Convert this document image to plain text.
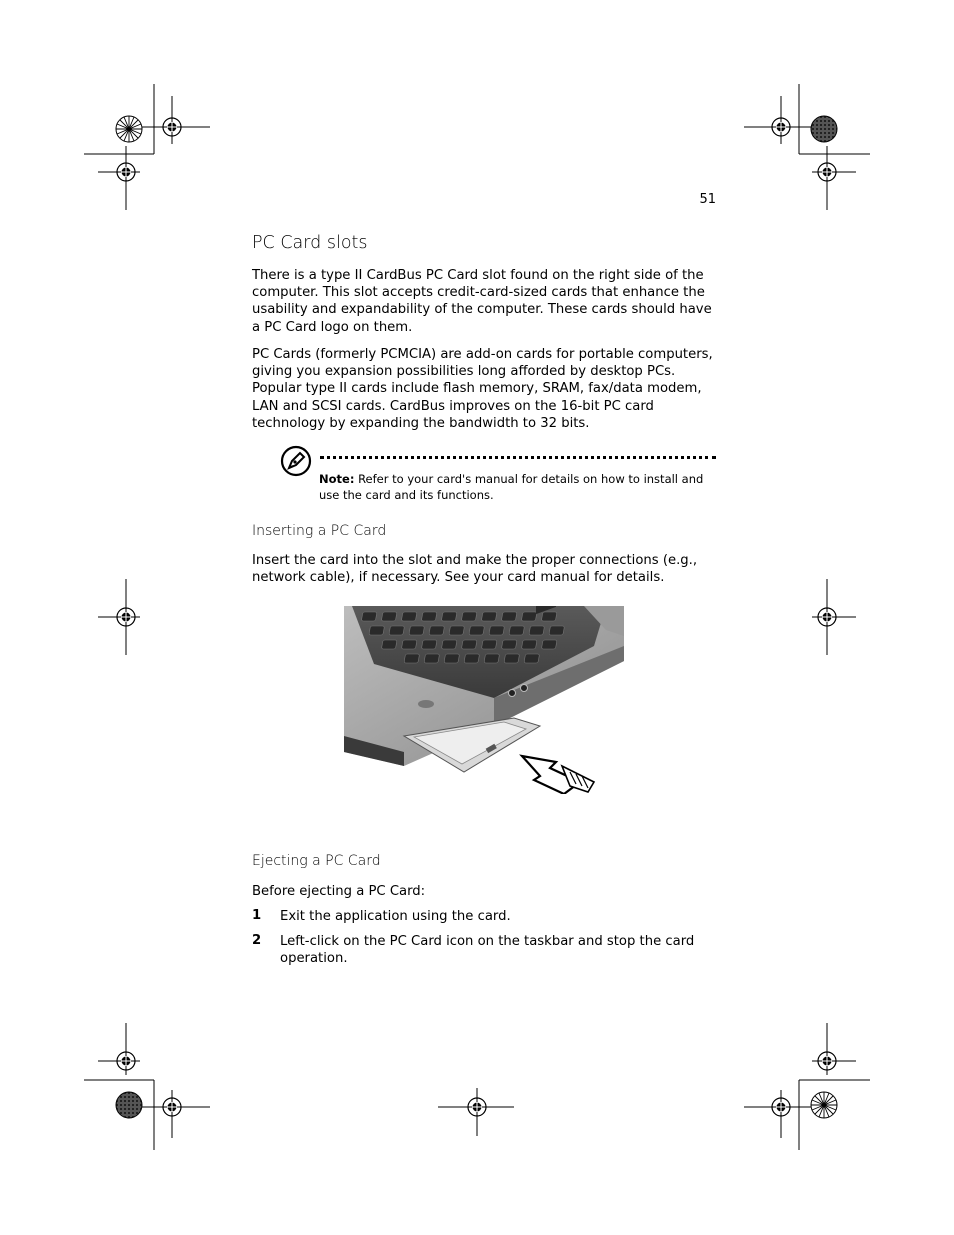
51
PC Card slots
There is a type II CardBus PC Card slot found on the right side of the computer. This slot accepts credit-card-sized cards that enhance the usability and expandability of the computer. These cards should have a PC Card logo on them.
PC Cards (formerly PCMCIA) are add-on cards for portable computers, giving you expansion possibilities long afforded by desktop PCs. Popular type II cards include flash memory, SRAM, fax/data modem, LAN and SCSI cards. CardBus improves on the 16-bit PC card technology by expanding the bandwidth to 32 bits.
Note: Refer to your card's manual for details on how to install and use the card and its functions.
Inserting a PC Card
Insert the card into the slot and make the proper connections (e.g., network cable), if necessary. See your card manual for details.
Ejecting a PC Card
Before ejecting a PC Card:
1 Exit the application using the card.
2 Left-click on the PC Card icon on the taskbar and stop the card operation.
